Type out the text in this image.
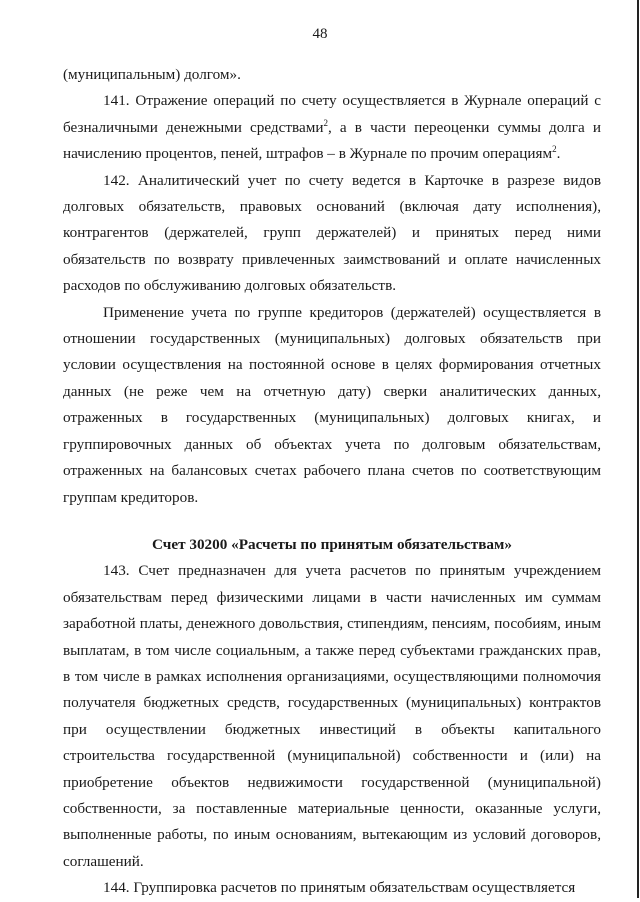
48

(муниципальным) долгом».

141. Отражение операций по счету осуществляется в Журнале операций с безналичными денежными средствами$^2$, а в части переоценки суммы долга и начислению процентов, пеней, штрафов – в Журнале по прочим операциям$^2$.

142. Аналитический учет по счету ведется в Карточке в разрезе видов долговых обязательств, правовых оснований (включая дату исполнения), контрагентов (держателей, групп держателей) и принятых перед ними обязательств по возврату привлеченных заимствований и оплате начисленных расходов по обслуживанию долговых обязательств.

Применение учета по группе кредиторов (держателей) осуществляется в отношении государственных (муниципальных) долговых обязательств при условии осуществления на постоянной основе в целях формирования отчетных данных (не реже чем на отчетную дату) сверки аналитических данных, отраженных в государственных (муниципальных) долговых книгах, и группировочных данных об объектах учета по долговым обязательствам, отраженных на балансовых счетах рабочего плана счетов по соответствующим группам кредиторов.

Счет 30200 «Расчеты по принятым обязательствам»

143. Счет предназначен для учета расчетов по принятым учреждением обязательствам перед физическими лицами в части начисленных им суммам заработной платы, денежного довольствия, стипендиям, пенсиям, пособиям, иным выплатам, в том числе социальным, а также перед субъектами гражданских прав, в том числе в рамках исполнения организациями, осуществляющими полномочия получателя бюджетных средств, государственных (муниципальных) контрактов при осуществлении бюджетных инвестиций в объекты капитального строительства государственной (муниципальной) собственности и (или) на приобретение объектов недвижимости государственной (муниципальной) собственности, за поставленные материальные ценности, оказанные услуги, выполненные работы, по иным основаниям, вытекающим из условий договоров, соглашений.

144. Группировка расчетов по принятым обязательствам осуществляется
